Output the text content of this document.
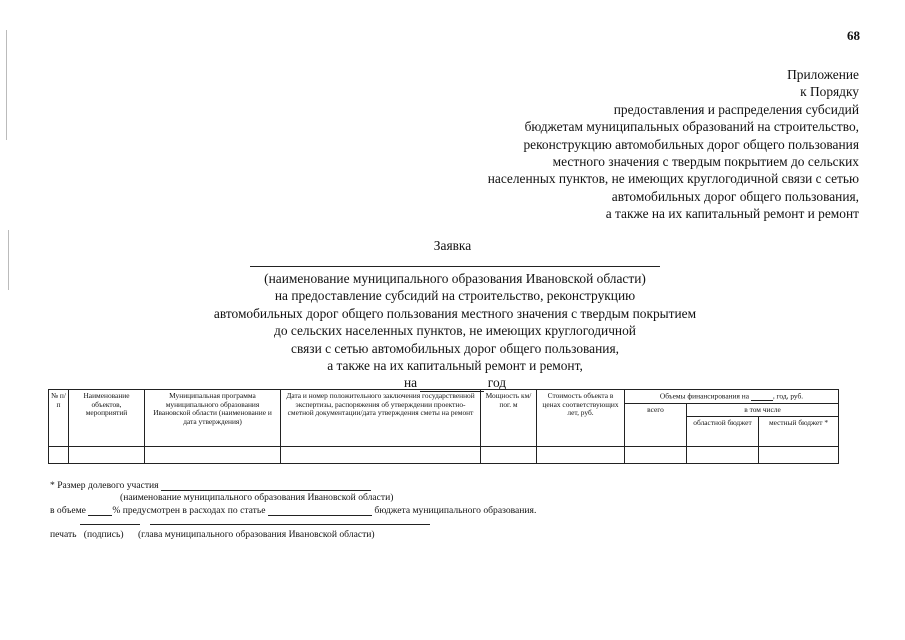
68
Приложение
к Порядку
предоставления и распределения субсидий
бюджетам муниципальных образований на строительство,
реконструкцию автомобильных дорог общего пользования
местного значения с твердым покрытием до сельских
населенных пунктов, не имеющих круглогодичной связи с сетью
автомобильных дорог общего пользования,
а также на их капитальный ремонт и ремонт
Заявка
(наименование муниципального образования Ивановской области)
на предоставление субсидий на строительство, реконструкцию
автомобильных дорог общего пользования местного значения с твердым покрытием
до сельских населенных пунктов, не имеющих круглогодичной
связи с сетью автомобильных дорог общего пользования,
а также на их капитальный ремонт и ремонт,
на	год
№ п/п	Наименование объектов, мероприятий	Муниципальная программа муниципального образования Ивановской области (наименование и дата утверждения)	Дата и номер положительного заключения государственной экспертизы, распоряжения об утверждении проектно-сметной документации/дата утверждения сметы на ремонт	Мощность км/пог. м	Стоимость объекта в ценах соответствующих лет, руб.	Объемы финансирования на , год, руб.		
						всего	в том числе	
							областной бюджет	местный бюджет *

* Размер долевого участия
(наименование муниципального образования Ивановской области)
в объеме	% предусмотрен в расходах по статье	бюджета муниципального образования.
печать (подпись) (глава муниципального образования Ивановской области)
